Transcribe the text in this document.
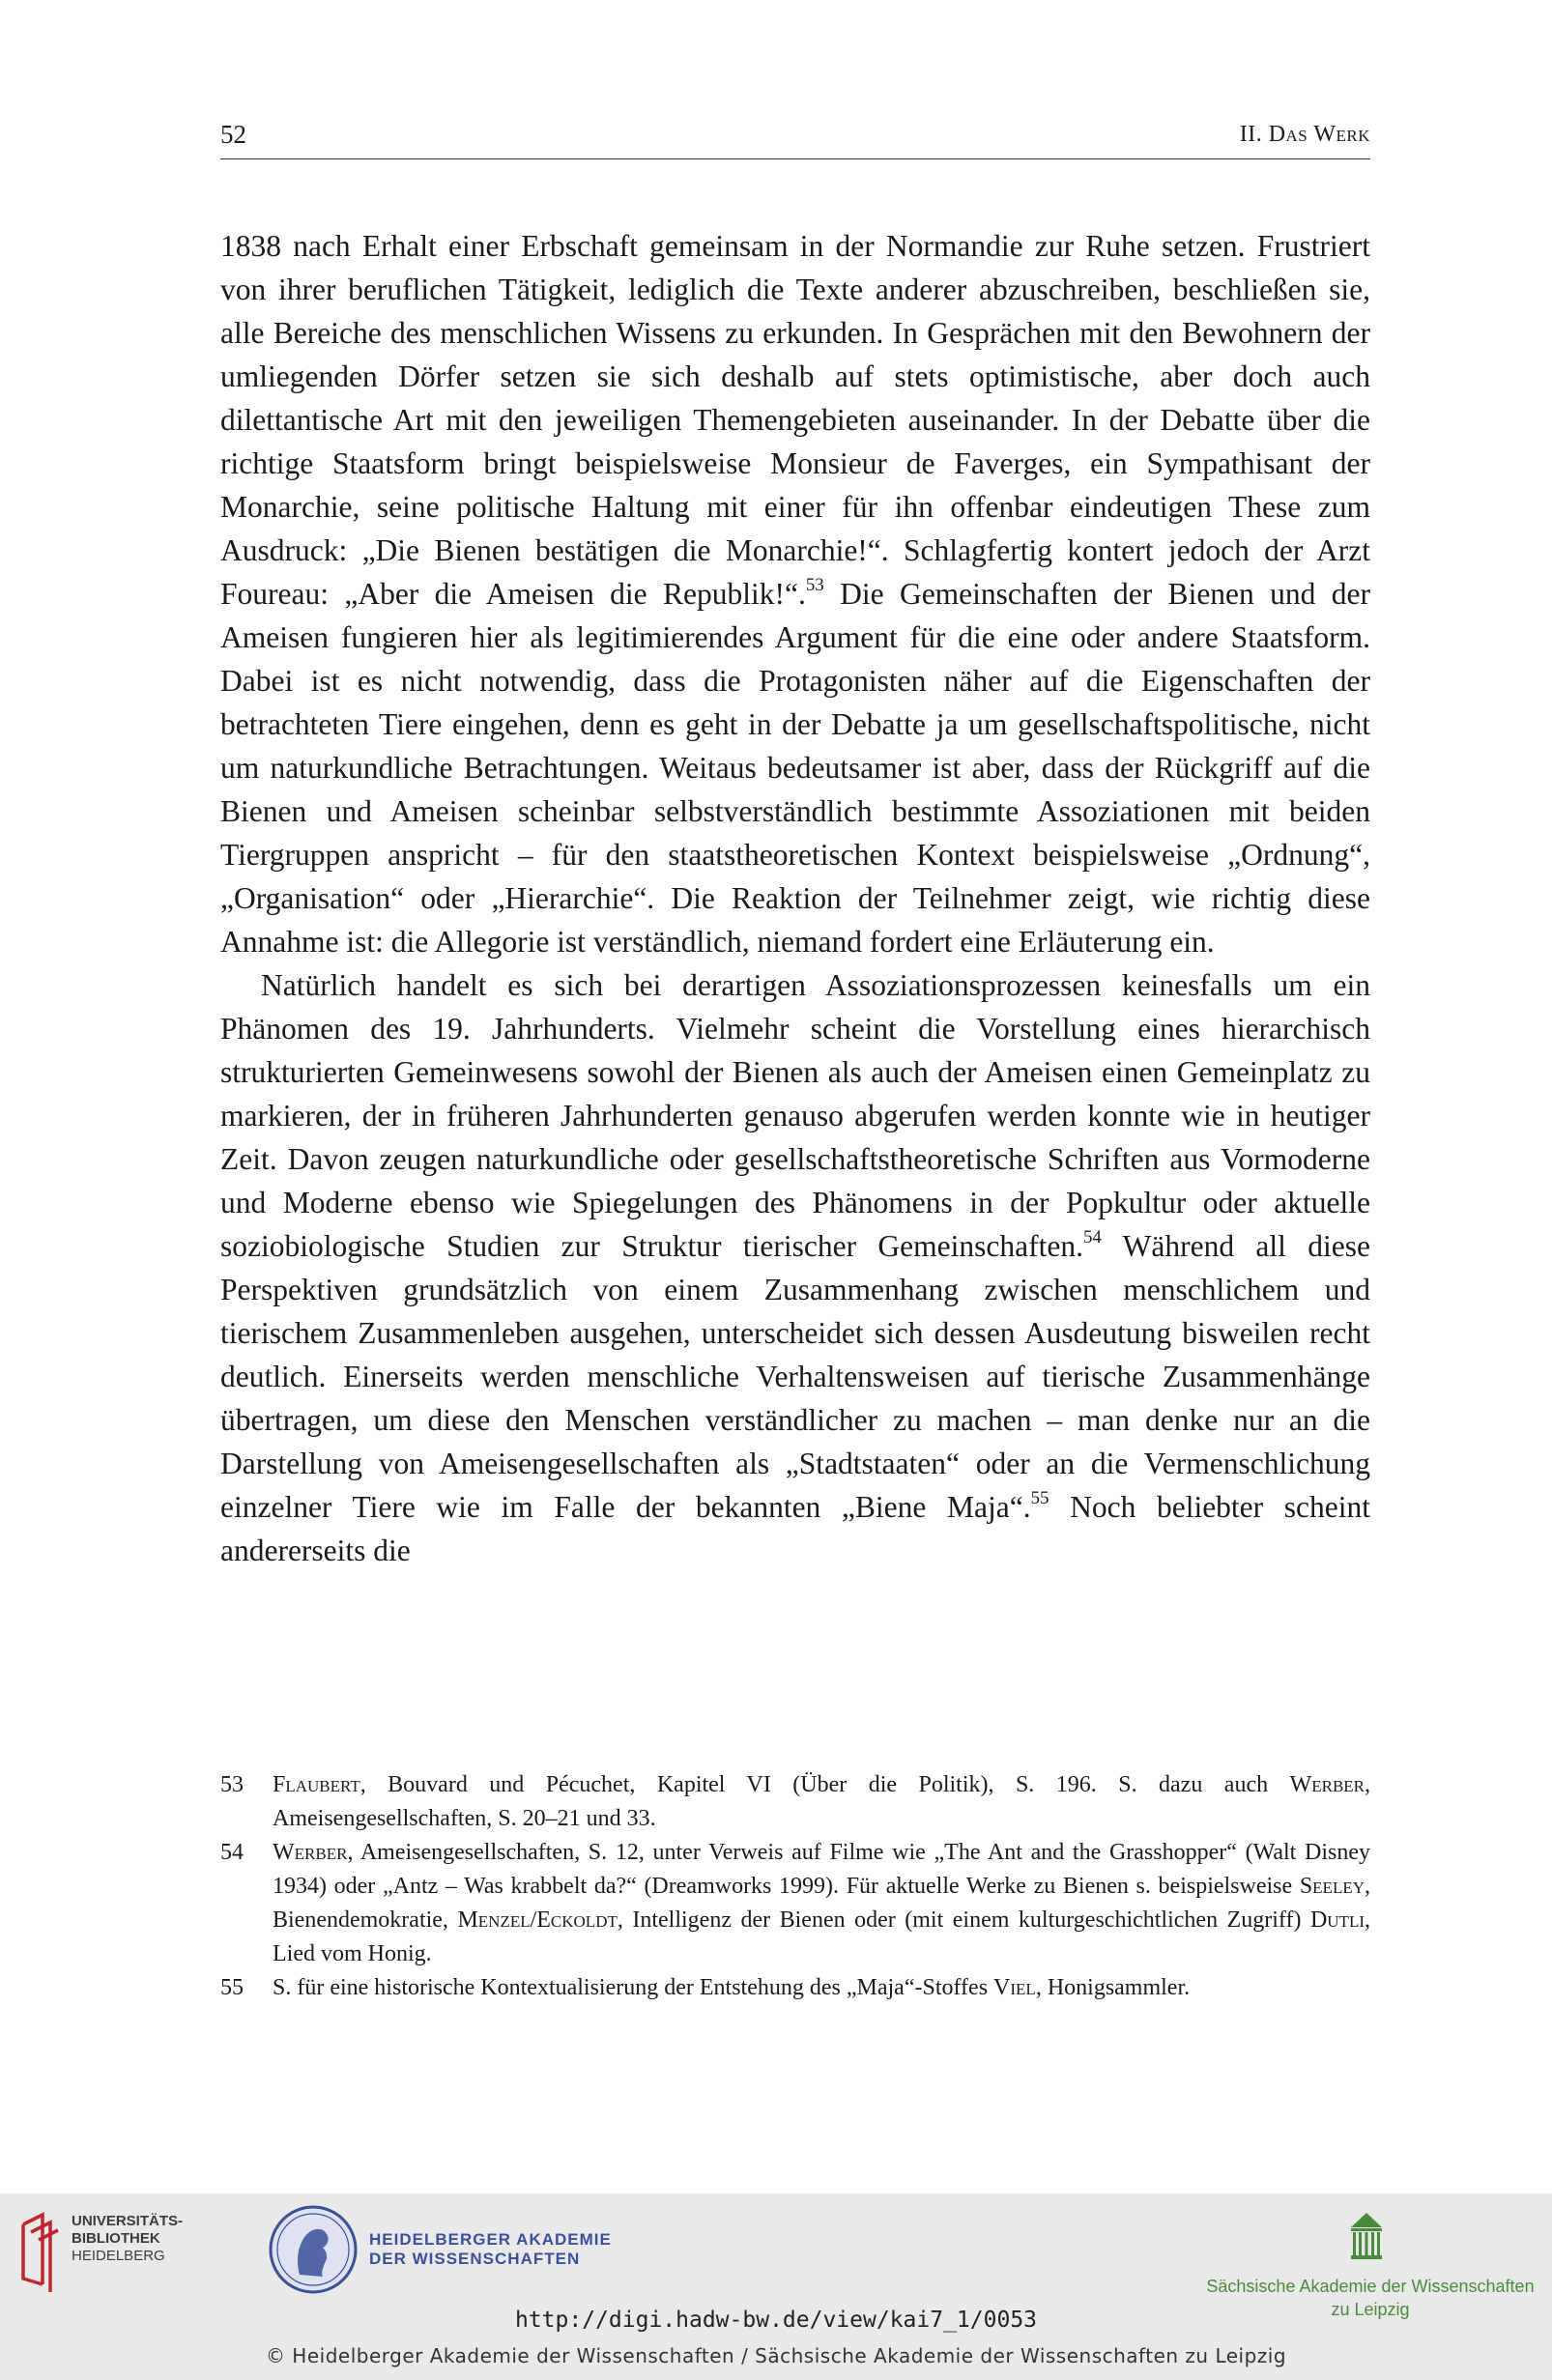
52	II. Das Werk

1838 nach Erhalt einer Erbschaft gemeinsam in der Normandie zur Ruhe setzen. Frustriert von ihrer beruflichen Tätigkeit, lediglich die Texte anderer abzuschreiben, beschließen sie, alle Bereiche des menschlichen Wissens zu erkunden. In Gesprächen mit den Bewohnern der umliegenden Dörfer setzen sie sich deshalb auf stets optimistische, aber doch auch dilettantische Art mit den jeweiligen Themengebieten auseinander. In der Debatte über die richtige Staatsform bringt beispielsweise Monsieur de Faverges, ein Sympathisant der Monarchie, seine politische Haltung mit einer für ihn offenbar eindeutigen These zum Ausdruck: „Die Bienen bestätigen die Monarchie!“. Schlagfertig kontert jedoch der Arzt Foureau: „Aber die Ameisen die Republik!“.$^{53}$ Die Gemeinschaften der Bienen und der Ameisen fungieren hier als legitimierendes Argument für die eine oder andere Staatsform. Dabei ist es nicht notwendig, dass die Protagonisten näher auf die Eigenschaften der betrachteten Tiere eingehen, denn es geht in der Debatte ja um gesellschaftspolitische, nicht um naturkundliche Betrachtungen. Weitaus bedeutsamer ist aber, dass der Rückgriff auf die Bienen und Ameisen scheinbar selbstverständlich bestimmte Assoziationen mit beiden Tiergruppen anspricht – für den staatstheoretischen Kontext beispielsweise „Ordnung“, „Organisation“ oder „Hierarchie“. Die Reaktion der Teilnehmer zeigt, wie richtig diese Annahme ist: die Allegorie ist verständlich, niemand fordert eine Erläuterung ein.

Natürlich handelt es sich bei derartigen Assoziationsprozessen keinesfalls um ein Phänomen des 19. Jahrhunderts. Vielmehr scheint die Vorstellung eines hierarchisch strukturierten Gemeinwesens sowohl der Bienen als auch der Ameisen einen Gemeinplatz zu markieren, der in früheren Jahrhunderten genauso abgerufen werden konnte wie in heutiger Zeit. Davon zeugen naturkundliche oder gesellschaftstheoretische Schriften aus Vormoderne und Moderne ebenso wie Spiegelungen des Phänomens in der Popkultur oder aktuelle soziobiologische Studien zur Struktur tierischer Gemeinschaften.$^{54}$ Während all diese Perspektiven grundsätzlich von einem Zusammenhang zwischen menschlichem und tierischem Zusammenleben ausgehen, unterscheidet sich dessen Ausdeutung bisweilen recht deutlich. Einerseits werden menschliche Verhaltensweisen auf tierische Zusammenhänge übertragen, um diese den Menschen verständlicher zu machen – man denke nur an die Darstellung von Ameisengesellschaften als „Stadtstaaten“ oder an die Vermenschlichung einzelner Tiere wie im Falle der bekannten „Biene Maja“.$^{55}$ Noch beliebter scheint andererseits die

53	Flaubert, Bouvard und Pécuchet, Kapitel VI (Über die Politik), S. 196. S. dazu auch Werber, Ameisengesellschaften, S. 20–21 und 33.
54	Werber, Ameisengesellschaften, S. 12, unter Verweis auf Filme wie „The Ant and the Grasshopper“ (Walt Disney 1934) oder „Antz – Was krabbelt da?“ (Dreamworks 1999). Für aktuelle Werke zu Bienen s. beispielsweise Seeley, Bienendemokratie, Menzel/Eckoldt, Intelligenz der Bienen oder (mit einem kulturgeschichtlichen Zugriff) Dutli, Lied vom Honig.
55	S. für eine historische Kontextualisierung der Entstehung des „Maja“-Stoffes Viel, Honigsammler.
UNIVERSITÄTS-
BIBLIOTHEK
HEIDELBERG
HEIDELBERGER AKADEMIE
DER WISSENSCHAFTEN
Sächsische Akademie der Wissenschaften
zu Leipzig
http://digi.hadw-bw.de/view/kai7_1/0053
© Heidelberger Akademie der Wissenschaften / Sächsische Akademie der Wissenschaften zu Leipzig
